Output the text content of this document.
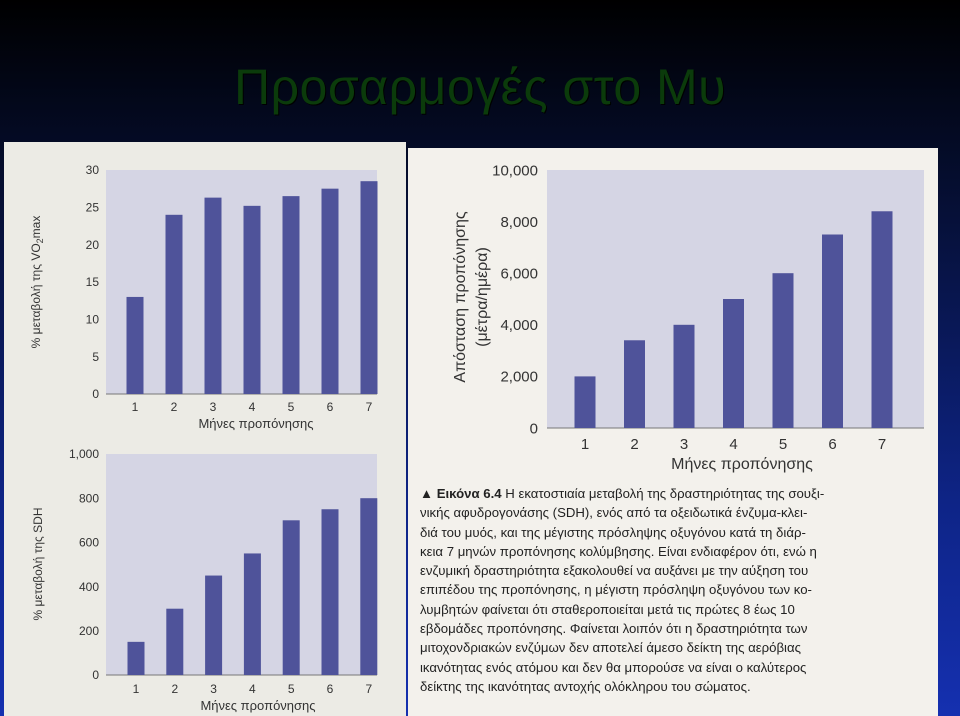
Προσαρμογές στο Μυ
0
5
10
15
20
25
30
1	2	3	4	5	6	7
Μήνες προπόνησης
% μεταβολή της $VO_2\max$
0
200
400
600
800
1,000
1	2	3	4	5	6	7
Μήνες προπόνησης
% μεταβολή της SDH
0
2,000
4,000
6,000
8,000
10,000
1	2	3	4	5	6	7
Μήνες προπόνησης
Απόσταση προπόνησης (μέτρα/ημέρα)
▲ Εικόνα 6.4 Η εκατοστιαία μεταβολή της δραστηριότητας της σουξι-
νικής αφυδρογονάσης (SDH), ενός από τα οξειδωτικά ένζυμα-κλει-
διά του μυός, και της μέγιστης πρόσληψης οξυγόνου κατά τη διάρ-
κεια 7 μηνών προπόνησης κολύμβησης. Είναι ενδιαφέρον ότι, ενώ η
ενζυμική δραστηριότητα εξακολουθεί να αυξάνει με την αύξηση του
επιπέδου της προπόνησης, η μέγιστη πρόσληψη οξυγόνου των κο-
λυμβητών φαίνεται ότι σταθεροποιείται μετά τις πρώτες 8 έως 10
εβδομάδες προπόνησης. Φαίνεται λοιπόν ότι η δραστηριότητα των
μιτοχονδριακών ενζύμων δεν αποτελεί άμεσο δείκτη της αερόβιας
ικανότητας ενός ατόμου και δεν θα μπορούσε να είναι ο καλύτερος
δείκτης της ικανότητας αντοχής ολόκληρου του σώματος.
